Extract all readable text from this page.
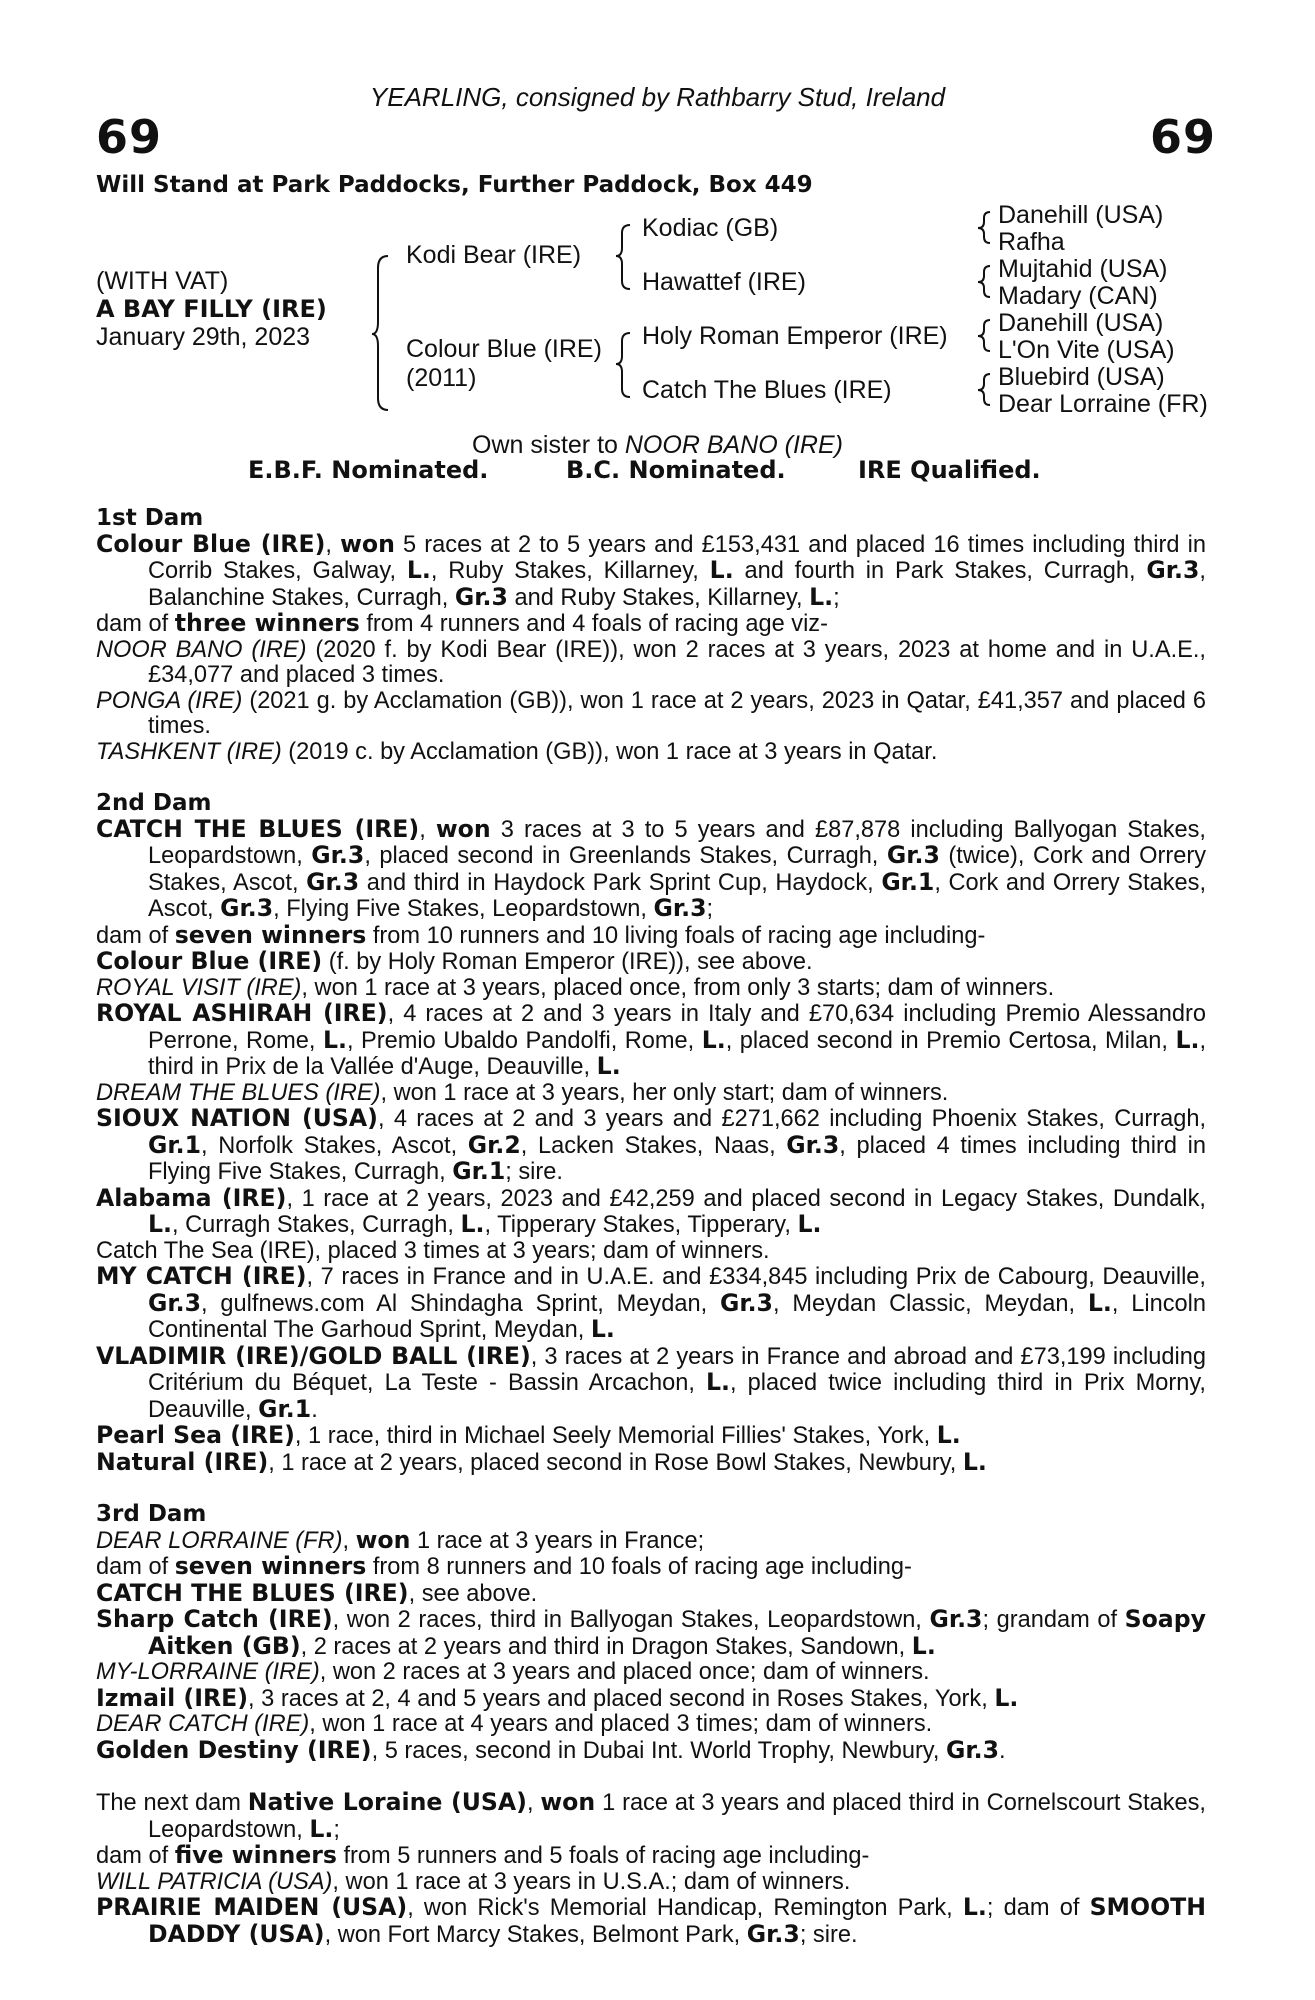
YEARLING, consigned by Rathbarry Stud, Ireland
69	69
Will Stand at Park Paddocks, Further Paddock, Box 449
(WITH VAT)
A BAY FILLY (IRE)
January 29th, 2023
Kodi Bear (IRE)
Colour Blue (IRE)
(2011)
Kodiac (GB)
Hawattef (IRE)
Holy Roman Emperor (IRE)
Catch The Blues (IRE)
Danehill (USA)
Rafha
Mujtahid (USA)
Madary (CAN)
Danehill (USA)
L'On Vite (USA)
Bluebird (USA)
Dear Lorraine (FR)
Own sister to NOOR BANO (IRE)
E.B.F. Nominated.	B.C. Nominated.	IRE Qualified.
1st Dam

Colour Blue (IRE), won 5 races at 2 to 5 years and £153,431 and placed 16 times including third in Corrib Stakes, Galway, L., Ruby Stakes, Killarney, L. and fourth in Park Stakes, Curragh, Gr.3, Balanchine Stakes, Curragh, Gr.3 and Ruby Stakes, Killarney, L.;

dam of three winners from 4 runners and 4 foals of racing age viz-

NOOR BANO (IRE) (2020 f. by Kodi Bear (IRE)), won 2 races at 3 years, 2023 at home and in U.A.E., £34,077 and placed 3 times.

PONGA (IRE) (2021 g. by Acclamation (GB)), won 1 race at 2 years, 2023 in Qatar, £41,357 and placed 6 times.

TASHKENT (IRE) (2019 c. by Acclamation (GB)), won 1 race at 3 years in Qatar.

2nd Dam

CATCH THE BLUES (IRE), won 3 races at 3 to 5 years and £87,878 including Ballyogan Stakes, Leopardstown, Gr.3, placed second in Greenlands Stakes, Curragh, Gr.3 (twice), Cork and Orrery Stakes, Ascot, Gr.3 and third in Haydock Park Sprint Cup, Haydock, Gr.1, Cork and Orrery Stakes, Ascot, Gr.3, Flying Five Stakes, Leopardstown, Gr.3;

dam of seven winners from 10 runners and 10 living foals of racing age including-

Colour Blue (IRE) (f. by Holy Roman Emperor (IRE)), see above.

ROYAL VISIT (IRE), won 1 race at 3 years, placed once, from only 3 starts; dam of winners.

ROYAL ASHIRAH (IRE), 4 races at 2 and 3 years in Italy and £70,634 including Premio Alessandro Perrone, Rome, L., Premio Ubaldo Pandolfi, Rome, L., placed second in Premio Certosa, Milan, L., third in Prix de la Vallée d'Auge, Deauville, L.

DREAM THE BLUES (IRE), won 1 race at 3 years, her only start; dam of winners.

SIOUX NATION (USA), 4 races at 2 and 3 years and £271,662 including Phoenix Stakes, Curragh, Gr.1, Norfolk Stakes, Ascot, Gr.2, Lacken Stakes, Naas, Gr.3, placed 4 times including third in Flying Five Stakes, Curragh, Gr.1; sire.

Alabama (IRE), 1 race at 2 years, 2023 and £42,259 and placed second in Legacy Stakes, Dundalk, L., Curragh Stakes, Curragh, L., Tipperary Stakes, Tipperary, L.

Catch The Sea (IRE), placed 3 times at 3 years; dam of winners.

MY CATCH (IRE), 7 races in France and in U.A.E. and £334,845 including Prix de Cabourg, Deauville, Gr.3, gulfnews.com Al Shindagha Sprint, Meydan, Gr.3, Meydan Classic, Meydan, L., Lincoln Continental The Garhoud Sprint, Meydan, L.

VLADIMIR (IRE)/GOLD BALL (IRE), 3 races at 2 years in France and abroad and £73,199 including Critérium du Béquet, La Teste - Bassin Arcachon, L., placed twice including third in Prix Morny, Deauville, Gr.1.

Pearl Sea (IRE), 1 race, third in Michael Seely Memorial Fillies' Stakes, York, L.

Natural (IRE), 1 race at 2 years, placed second in Rose Bowl Stakes, Newbury, L.

3rd Dam

DEAR LORRAINE (FR), won 1 race at 3 years in France;

dam of seven winners from 8 runners and 10 foals of racing age including-

CATCH THE BLUES (IRE), see above.

Sharp Catch (IRE), won 2 races, third in Ballyogan Stakes, Leopardstown, Gr.3; grandam of Soapy Aitken (GB), 2 races at 2 years and third in Dragon Stakes, Sandown, L.

MY-LORRAINE (IRE), won 2 races at 3 years and placed once; dam of winners.

Izmail (IRE), 3 races at 2, 4 and 5 years and placed second in Roses Stakes, York, L.

DEAR CATCH (IRE), won 1 race at 4 years and placed 3 times; dam of winners.

Golden Destiny (IRE), 5 races, second in Dubai Int. World Trophy, Newbury, Gr.3.

The next dam Native Loraine (USA), won 1 race at 3 years and placed third in Cornelscourt Stakes, Leopardstown, L.;

dam of five winners from 5 runners and 5 foals of racing age including-

WILL PATRICIA (USA), won 1 race at 3 years in U.S.A.; dam of winners.

PRAIRIE MAIDEN (USA), won Rick's Memorial Handicap, Remington Park, L.; dam of SMOOTH DADDY (USA), won Fort Marcy Stakes, Belmont Park, Gr.3; sire.
